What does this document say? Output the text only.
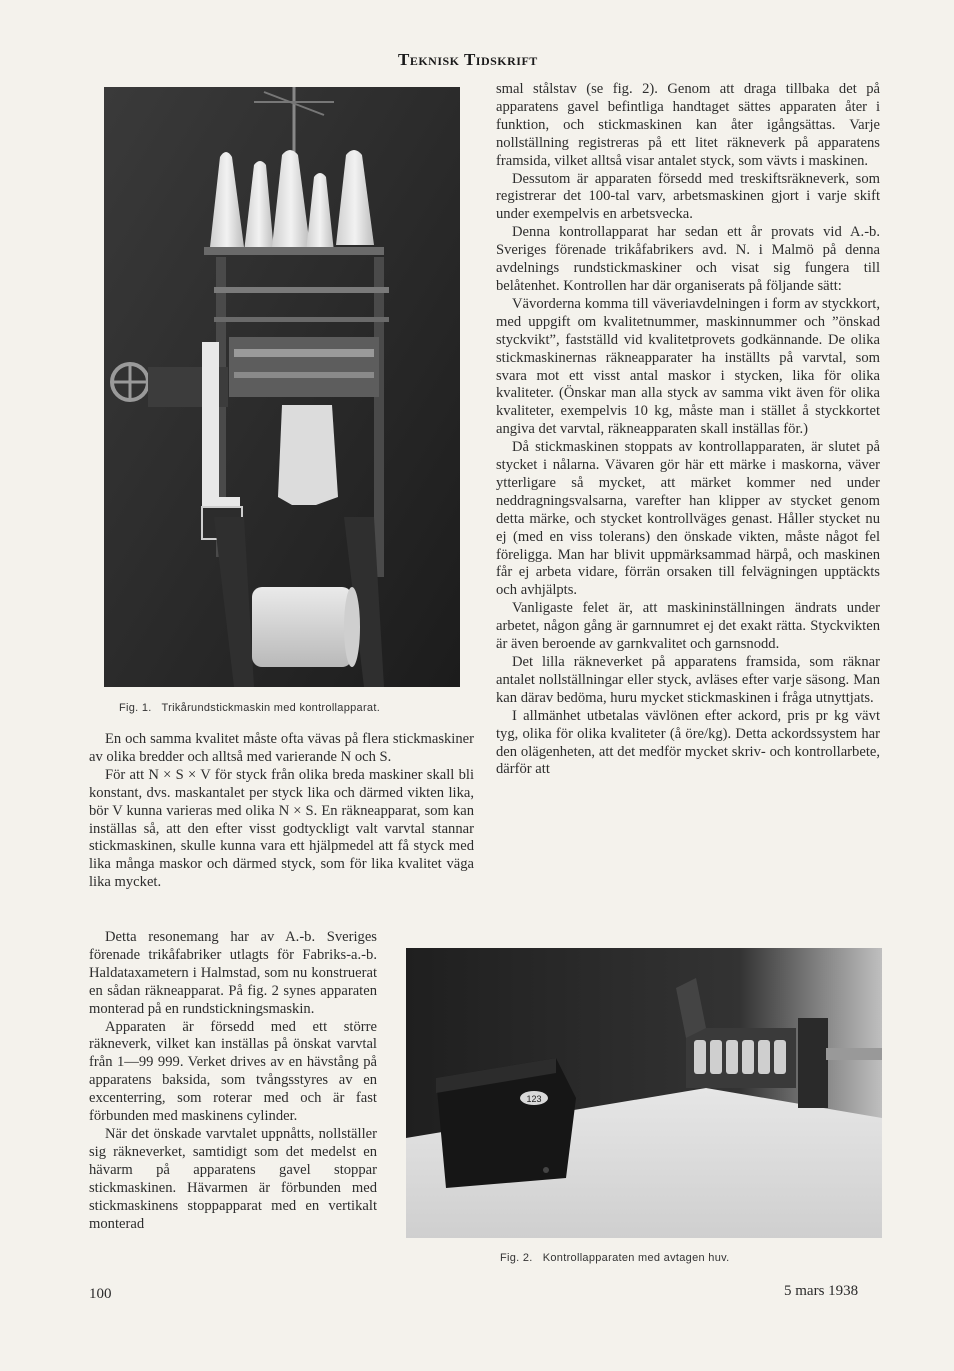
Teknisk Tidskrift
Fig. 1.   Trikårundstickmaskin med kontrollapparat.

En och samma kvalitet måste ofta vävas på flera stickmaskiner av olika bredder och alltså med varierande N och S.

För att N × S × V för styck från olika breda maskiner skall bli konstant, dvs. maskantalet per styck lika och därmed vikten lika, bör V kunna varieras med olika N × S. En räkneapparat, som kan inställas så, att den efter visst godtyckligt valt varvtal stannar stickmaskinen, skulle kunna vara ett hjälpmedel att få styck med lika många maskor och därmed styck, som för lika kvalitet väga lika mycket.

Detta resonemang har av A.-b. Sveriges förenade trikåfabriker utlagts för Fabriks-a.-b. Haldataxametern i Halmstad, som nu konstruerat en sådan räkneapparat. På fig. 2 synes apparaten monterad på en rundstickningsmaskin.

Apparaten är försedd med ett större räkneverk, vilket kan inställas på önskat varvtal från 1—99 999. Verket drives av en hävstång på apparatens baksida, som tvångsstyres av en excenterring, som roterar med och är fast förbunden med maskinens cylinder.

När det önskade varvtalet uppnåtts, nollställer sig räkneverket, samtidigt som det medelst en hävarm på apparatens gavel stoppar stickmaskinen. Hävarmen är förbunden med stickmaskinens stoppapparat med en vertikalt monterad

smal stålstav (se fig. 2). Genom att draga tillbaka det på apparatens gavel befintliga handtaget sättes apparaten åter i funktion, och stickmaskinen kan åter igångsättas. Varje nollställning registreras på ett litet räkneverk på apparatens framsida, vilket alltså visar antalet styck, som vävts i maskinen.

Dessutom är apparaten försedd med treskiftsräkneverk, som registrerar det 100-tal varv, arbetsmaskinen gjort i varje skift under exempelvis en arbetsvecka.

Denna kontrollapparat har sedan ett år provats vid A.-b. Sveriges förenade trikåfabrikers avd. N. i Malmö på denna avdelnings rundstickmaskiner och visat sig fungera till belåtenhet. Kontrollen har där organiserats på följande sätt:

Vävorderna komma till väveriavdelningen i form av styckkort, med uppgift om kvalitetnummer, maskinnummer och ”önskad styckvikt”, fastställd vid kvalitetprovets godkännande. De olika stickmaskinernas räkneapparater ha inställts på varvtal, som svara mot ett visst antal maskor i stycken, lika för olika kvaliteter. (Önskar man alla styck av samma vikt även för olika kvaliteter, exempelvis 10 kg, måste man i stället å styckkortet angiva det varvtal, räkneapparaten skall inställas för.)

Då stickmaskinen stoppats av kontrollapparaten, är slutet på stycket i nålarna. Vävaren gör här ett märke i maskorna, väver ytterligare så mycket, att märket kommer ned under neddragningsvalsarna, varefter han klipper av stycket genom detta märke, och stycket kontrollväges genast. Håller stycket nu ej (med en viss tolerans) den önskade vikten, måste något fel föreligga. Man har blivit uppmärksammad härpå, och maskinen får ej arbeta vidare, förrän orsaken till felvägningen upptäckts och avhjälpts.

Vanligaste felet är, att maskininställningen ändrats under arbetet, någon gång är garnnumret ej det exakt rätta. Styckvikten är även beroende av garnkvalitet och garnsnodd.

Det lilla räkneverket på apparatens framsida, som räknar antalet nollställningar eller styck, avläses efter varje säsong. Man kan därav bedöma, huru mycket stickmaskinen i fråga utnyttjats.

I allmänhet utbetalas vävlönen efter ackord, pris pr kg vävt tyg, olika för olika kvaliteter (å öre/kg). Detta ackordssystem har den olägenheten, att det medför mycket skriv- och kontrollarbete, därför att

123
Fig. 2.   Kontrollapparaten med avtagen huv.
100	5 mars 1938
